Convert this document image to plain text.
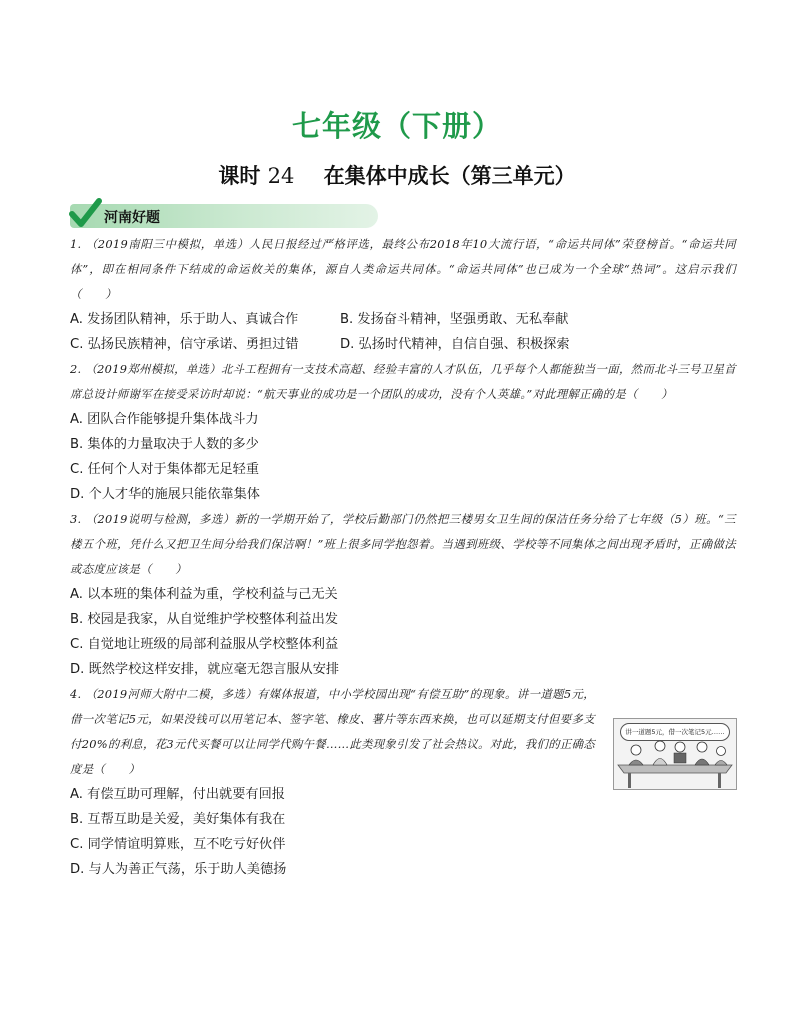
七年级（下册）
课时 24 在集体中成长（第三单元）
河南好题

1. （2019南阳三中模拟，单选）人民日报经过严格评选，最终公布2018年10大流行语，“命运共同体”荣登榜首。“命运共同体”，即在相同条件下结成的命运攸关的集体，源自人类命运共同体。“命运共同体”也已成为一个全球“热词”。这启示我们（　　）

A. 发扬团队精神，乐于助人、真诚合作	B. 发扬奋斗精神，坚强勇敢、无私奉献
C. 弘扬民族精神，信守承诺、勇担过错	D. 弘扬时代精神，自信自强、积极探索

2. （2019郑州模拟，单选）北斗工程拥有一支技术高超、经验丰富的人才队伍，几乎每个人都能独当一面，然而北斗三号卫星首席总设计师谢军在接受采访时却说：“航天事业的成功是一个团队的成功，没有个人英雄。”对此理解正确的是（　　）

A. 团队合作能够提升集体战斗力
B. 集体的力量取决于人数的多少
C. 任何个人对于集体都无足轻重
D. 个人才华的施展只能依靠集体

3. （2019说明与检测，多选）新的一学期开始了，学校后勤部门仍然把三楼男女卫生间的保洁任务分给了七年级（5）班。“三楼五个班，凭什么又把卫生间分给我们保洁啊！”班上很多同学抱怨着。当遇到班级、学校等不同集体之间出现矛盾时，正确做法或态度应该是（　　）

A. 以本班的集体利益为重，学校利益与己无关
B. 校园是我家，从自觉维护学校整体利益出发
C. 自觉地让班级的局部利益服从学校整体利益
D. 既然学校这样安排，就应毫无怨言服从安排

4. （2019河师大附中二模，多选）有媒体报道，中小学校园出现“有偿互助”的现象。讲一道题5元，借一次笔记5元，如果没钱可以用笔记本、签字笔、橡皮、薯片等东西来换，也可以延期支付但要多支付20%的利息，花3元代买餐可以让同学代购午餐……此类现象引发了社会热议。对此，我们的正确态度是（　　）

A. 有偿互助可理解，付出就要有回报
B. 互帮互助是关爱，美好集体有我在
C. 同学情谊明算账，互不吃亏好伙伴
D. 与人为善正气荡，乐于助人美德扬
讲一道题5元，借一次笔记5元……
